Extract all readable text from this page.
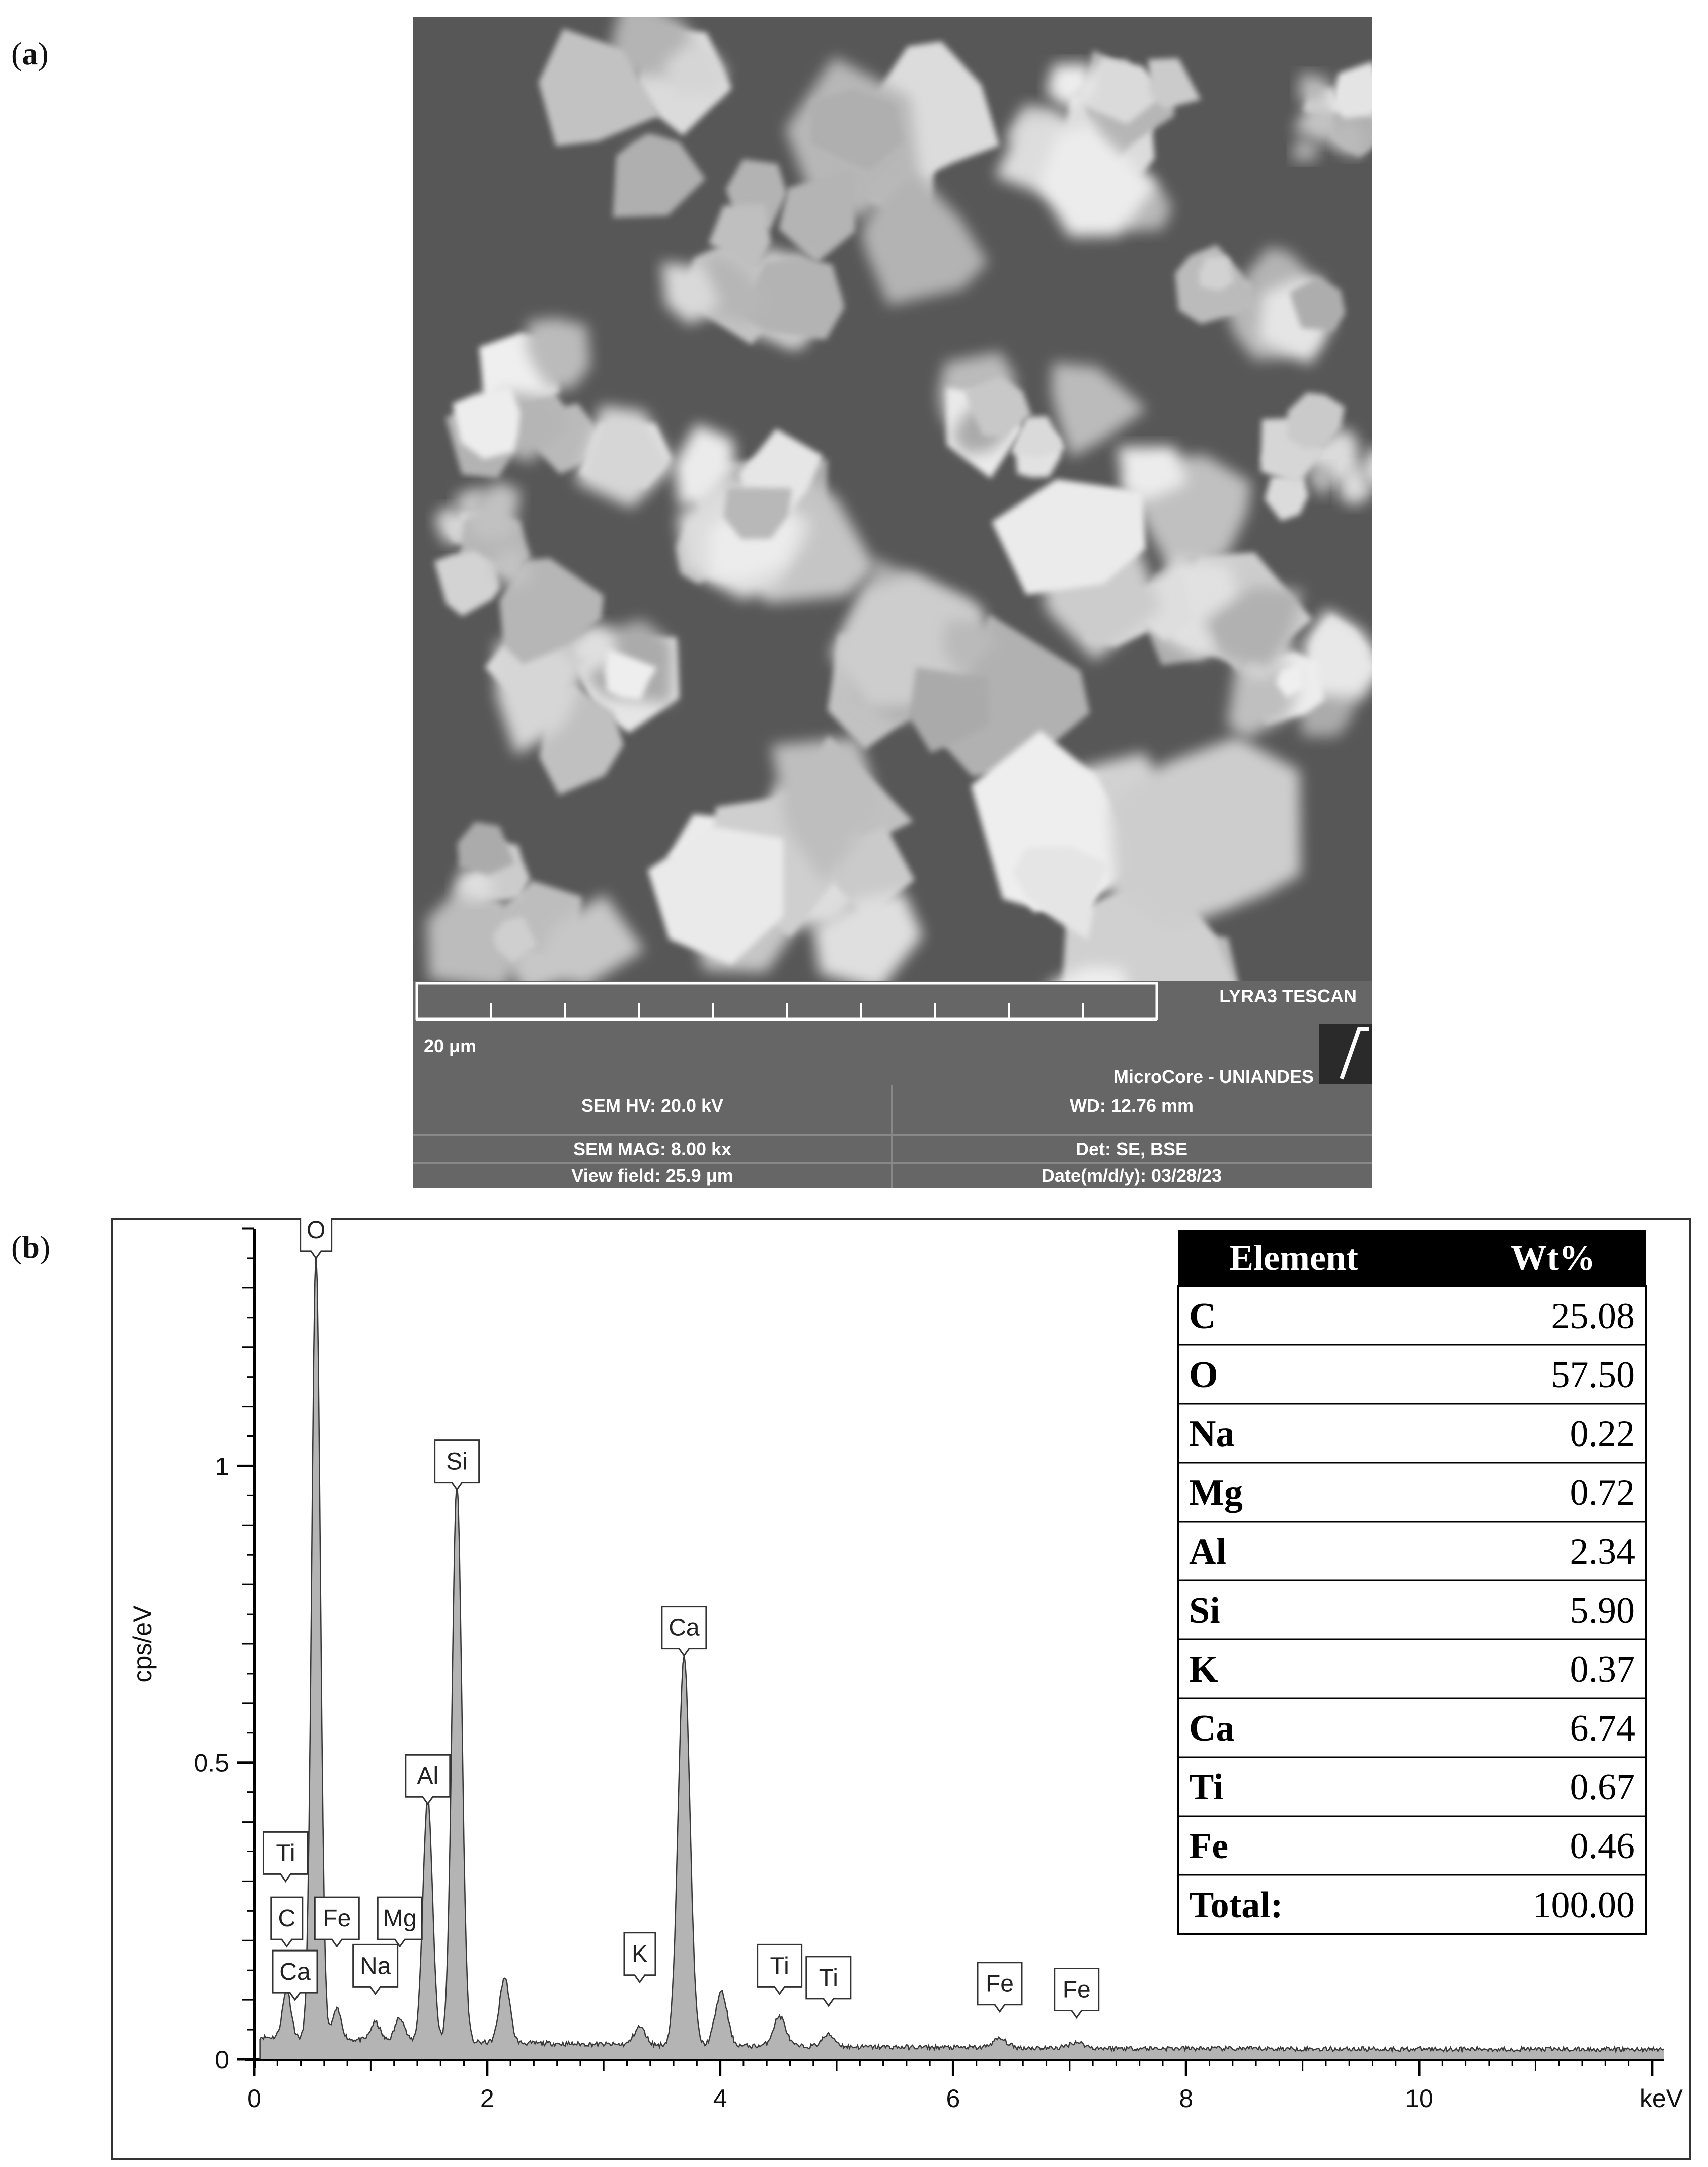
(a)
LYRA3 TESCAN
20 μm
MicroCore - UNIANDES
SEM HV: 20.0 kV	WD: 12.76 mm
SEM MAG: 8.00 kx	Det: SE, BSE
View field: 25.9 μm	Date(m/d/y): 03/28/23
(b)
0	2	4	6	8	10
0
0.5
1
keV
cps/eV
O
Si
Ca
Al
Ti
C Fe Mg
Ca Na	K	Ti Ti	Fe Fe
Element	Wt%
C	25.08
O	57.50
Na	0.22
Mg	0.72
Al	2.34
Si	5.90
K	0.37
Ca	6.74
Ti	0.67
Fe	0.46
Total:	100.00
